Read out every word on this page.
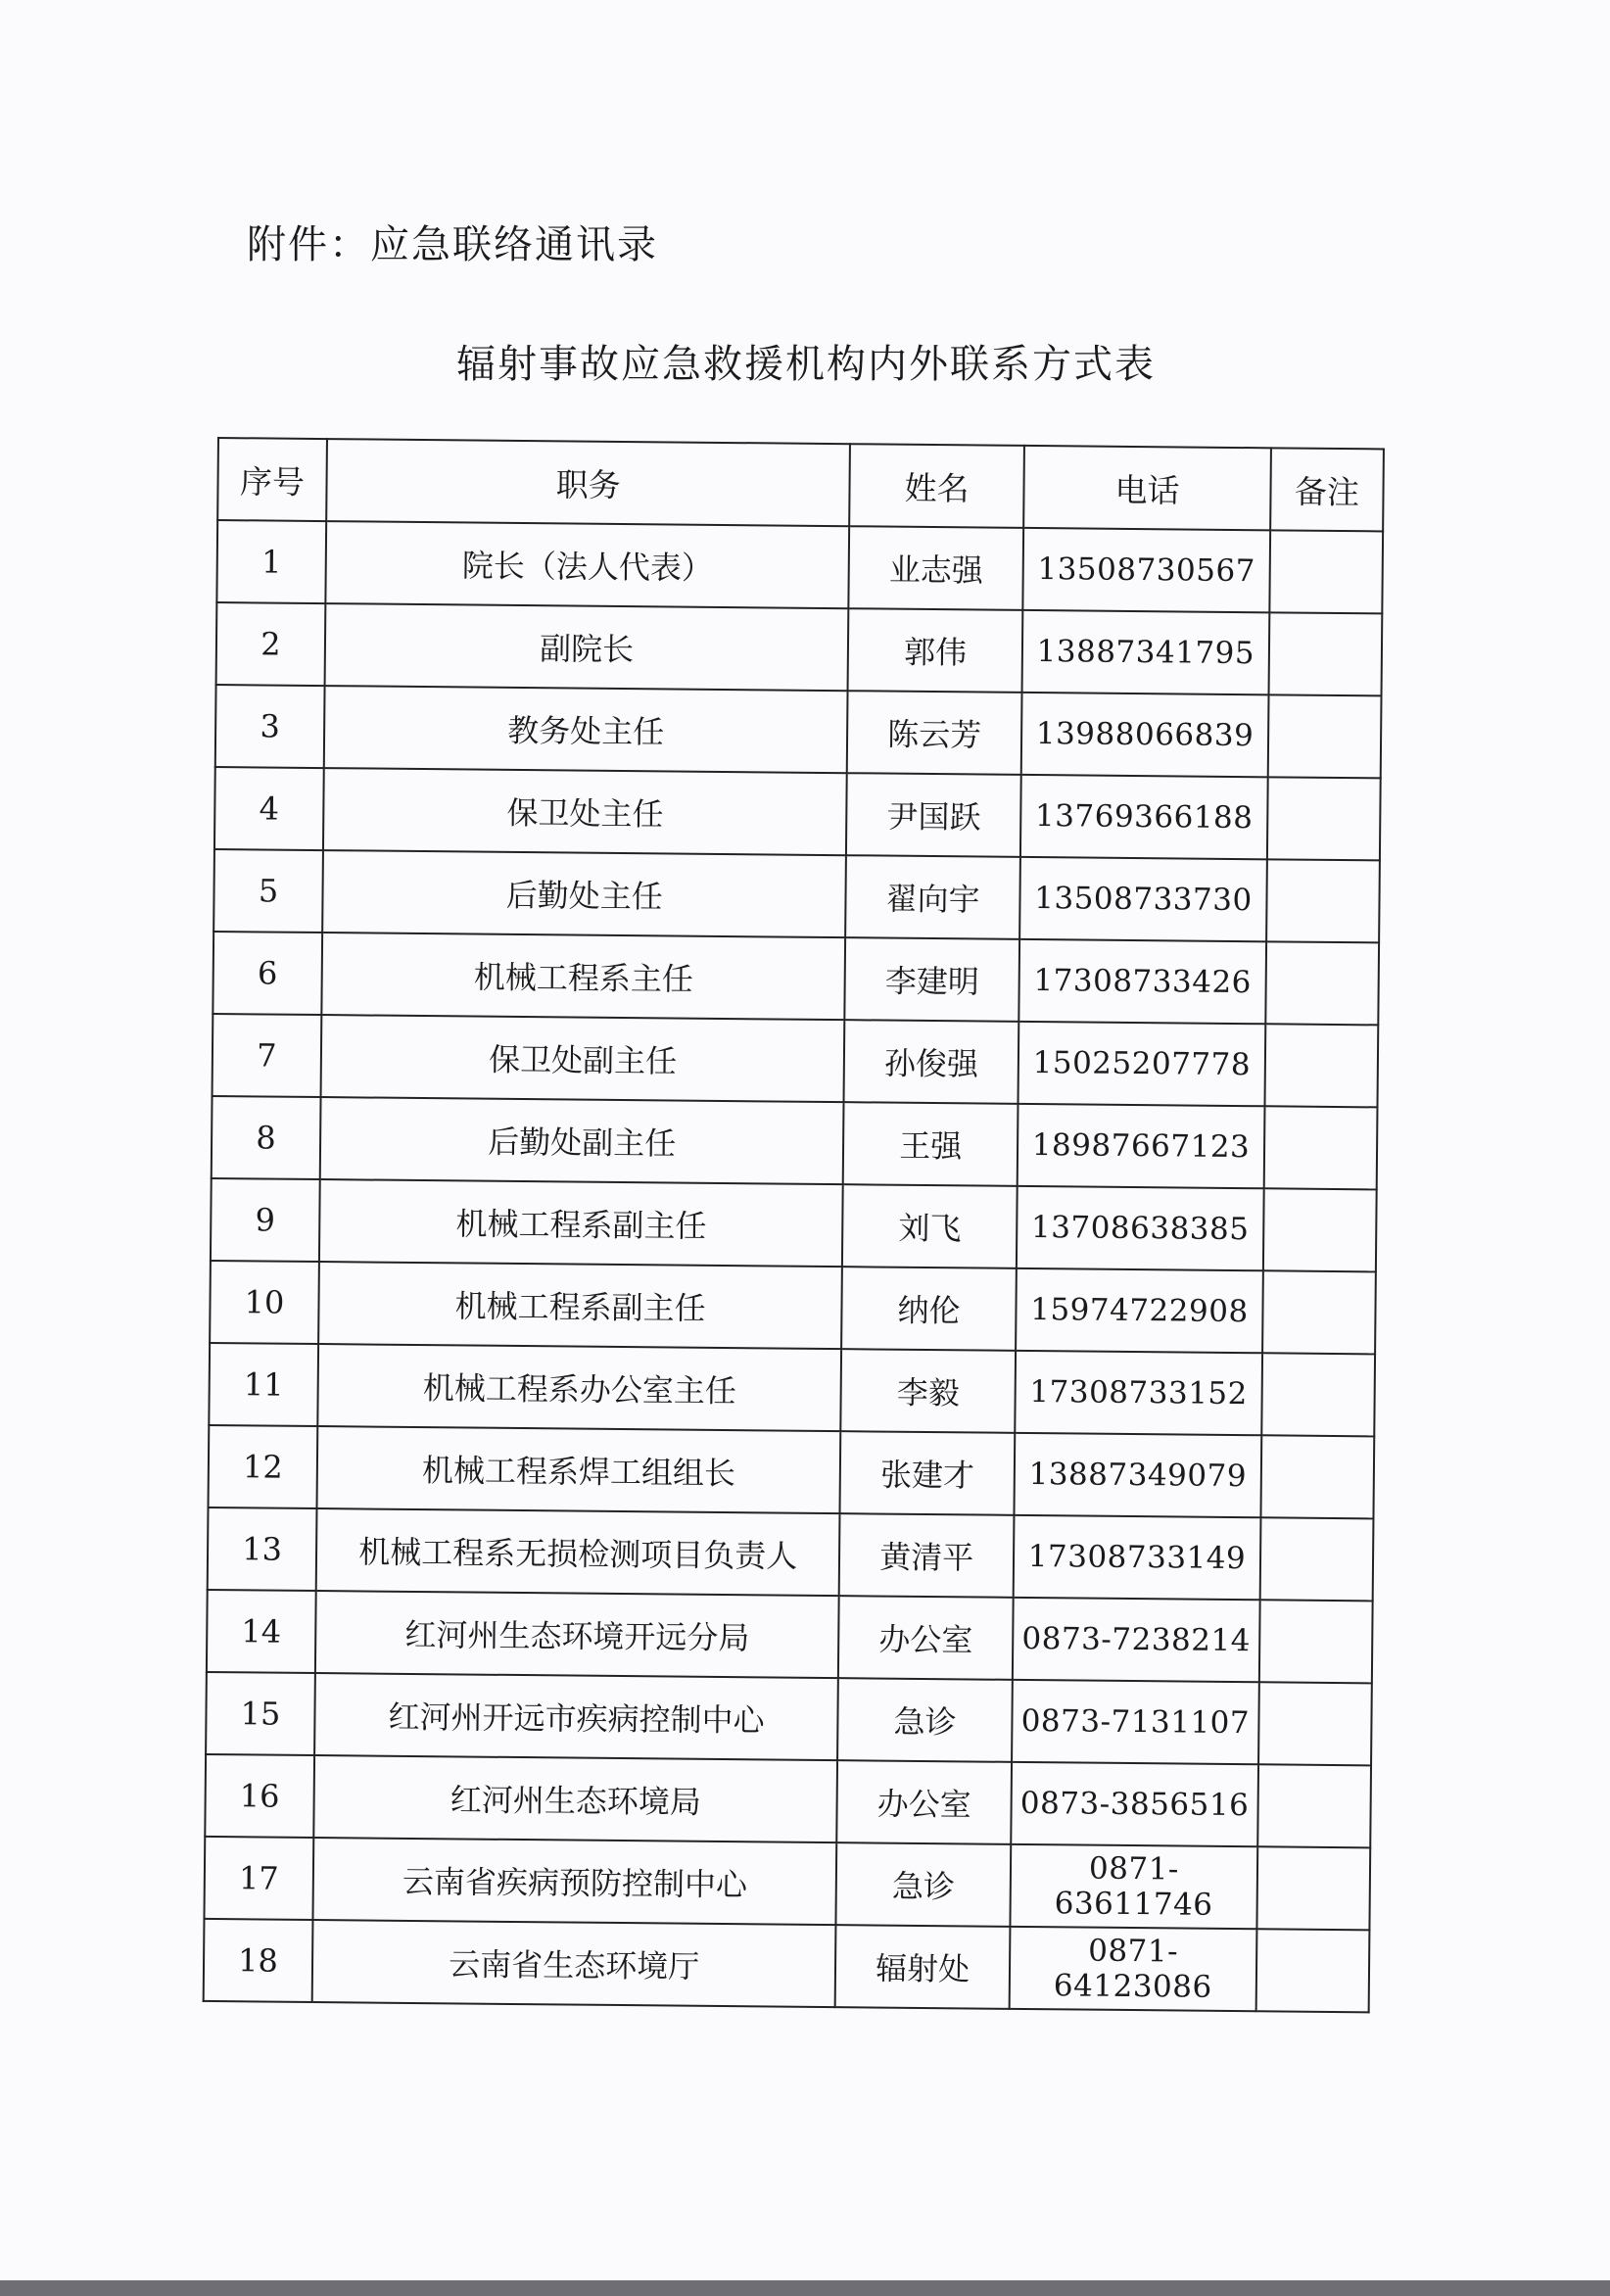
附件：应急联络通讯录
辐射事故应急救援机构内外联系方式表
序号	职务	姓名	电话	备注
1	院长（法人代表）	业志强	13508730567	
2	副院长	郭伟	13887341795	
3	教务处主任	陈云芳	13988066839	
4	保卫处主任	尹国跃	13769366188	
5	后勤处主任	翟向宇	13508733730	
6	机械工程系主任	李建明	17308733426	
7	保卫处副主任	孙俊强	15025207778	
8	后勤处副主任	王强	18987667123	
9	机械工程系副主任	刘飞	13708638385	
10	机械工程系副主任	纳伦	15974722908	
11	机械工程系办公室主任	李毅	17308733152	
12	机械工程系焊工组组长	张建才	13887349079	
13	机械工程系无损检测项目负责人	黄清平	17308733149	
14	红河州生态环境开远分局	办公室	0873-7238214	
15	红河州开远市疾病控制中心	急诊	0873-7131107	
16	红河州生态环境局	办公室	0873-3856516	
17	云南省疾病预防控制中心	急诊	0871-63611746	
18	云南省生态环境厅	辐射处	0871-64123086	
